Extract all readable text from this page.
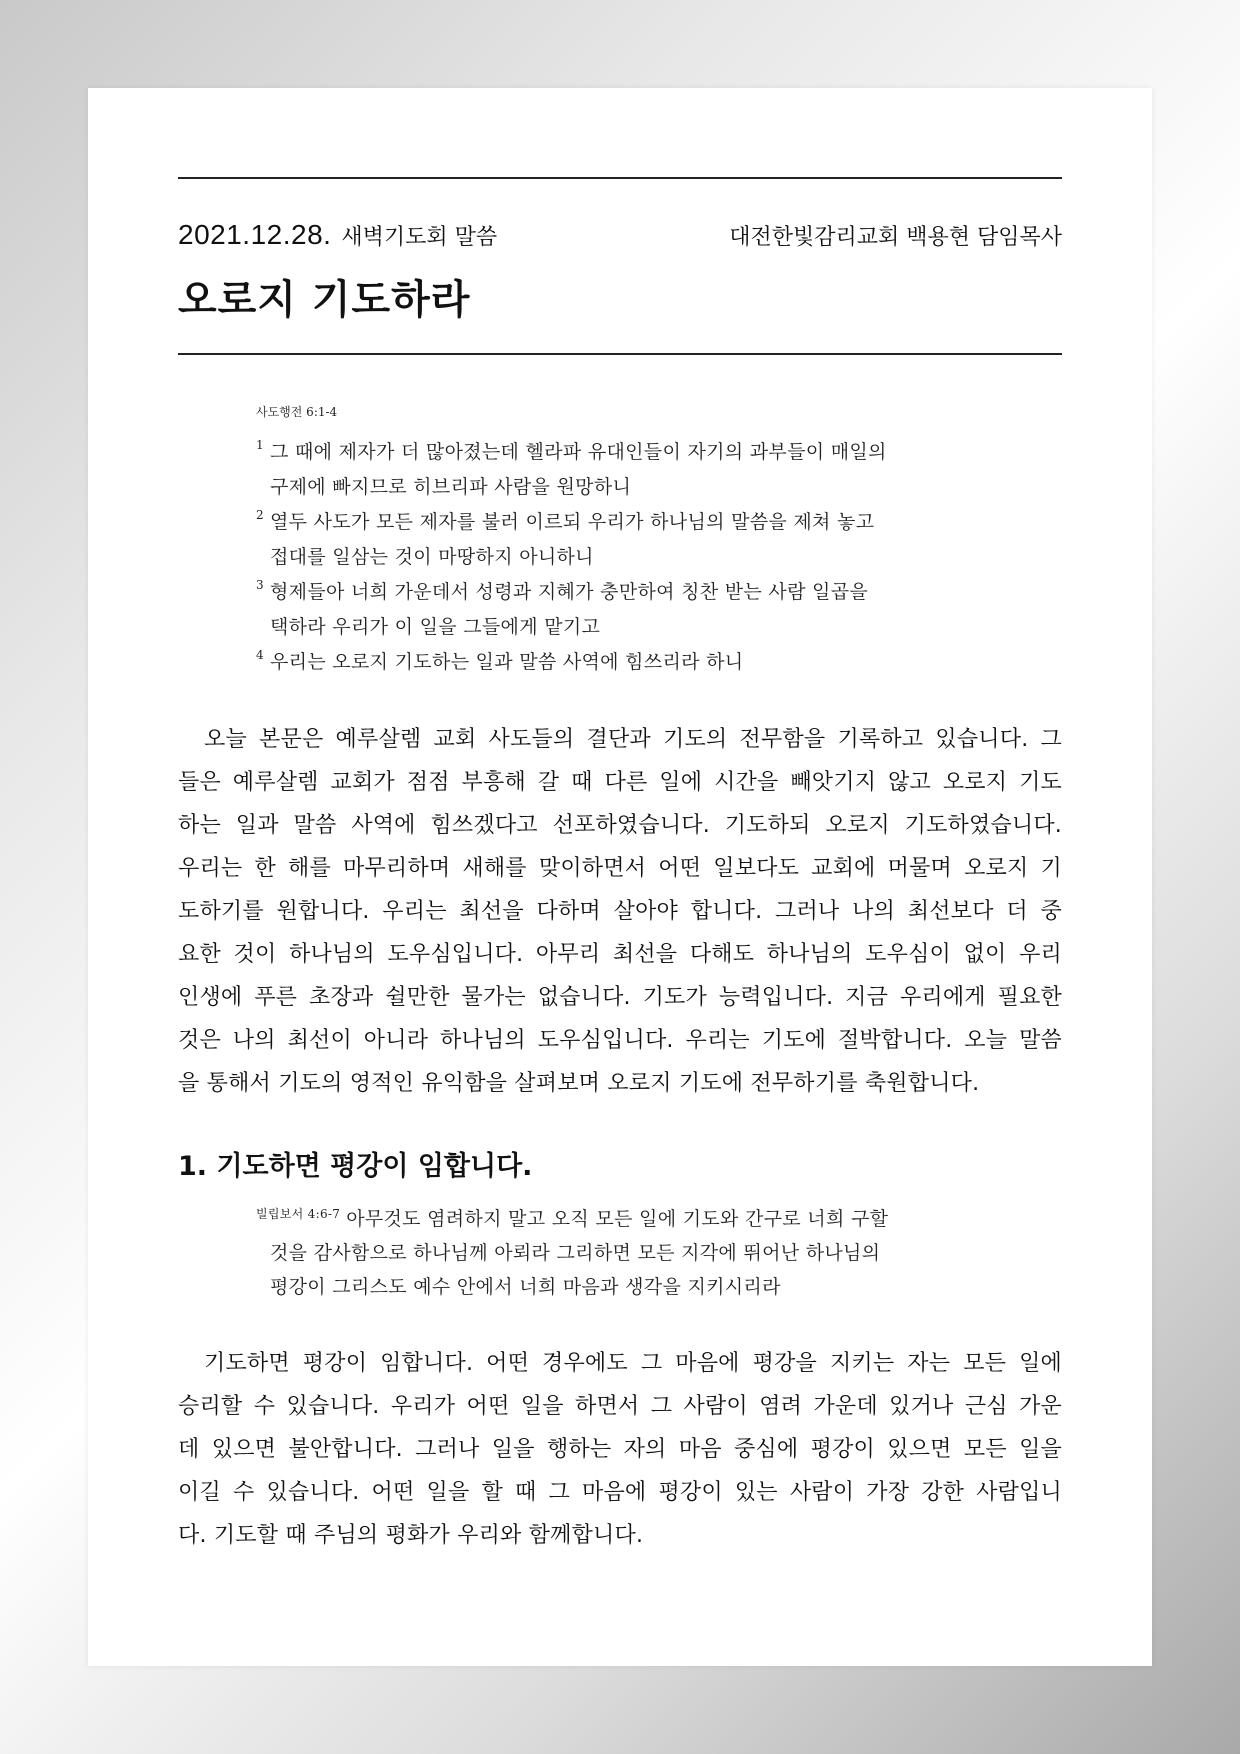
2021.12.28. 새벽기도회 말씀	대전한빛감리교회 백용현 담임목사
오로지 기도하라
사도행전 6:1-4
1 그 때에 제자가 더 많아졌는데 헬라파 유대인들이 자기의 과부들이 매일의
구제에 빠지므로 히브리파 사람을 원망하니
2 열두 사도가 모든 제자를 불러 이르되 우리가 하나님의 말씀을 제쳐 놓고
접대를 일삼는 것이 마땅하지 아니하니
3 형제들아 너희 가운데서 성령과 지혜가 충만하여 칭찬 받는 사람 일곱을
택하라 우리가 이 일을 그들에게 맡기고
4 우리는 오로지 기도하는 일과 말씀 사역에 힘쓰리라 하니
오늘 본문은 예루살렘 교회 사도들의 결단과 기도의 전무함을 기록하고 있습니다. 그
들은 예루살렘 교회가 점점 부흥해 갈 때 다른 일에 시간을 빼앗기지 않고 오로지 기도
하는 일과 말씀 사역에 힘쓰겠다고 선포하였습니다. 기도하되 오로지 기도하였습니다.
우리는 한 해를 마무리하며 새해를 맞이하면서 어떤 일보다도 교회에 머물며 오로지 기
도하기를 원합니다. 우리는 최선을 다하며 살아야 합니다. 그러나 나의 최선보다 더 중
요한 것이 하나님의 도우심입니다. 아무리 최선을 다해도 하나님의 도우심이 없이 우리
인생에 푸른 초장과 쉴만한 물가는 없습니다. 기도가 능력입니다. 지금 우리에게 필요한
것은 나의 최선이 아니라 하나님의 도우심입니다. 우리는 기도에 절박합니다. 오늘 말씀
을 통해서 기도의 영적인 유익함을 살펴보며 오로지 기도에 전무하기를 축원합니다.
1. 기도하면 평강이 임합니다.
$^{빌립보서 4:6-7}$ 아무것도 염려하지 말고 오직 모든 일에 기도와 간구로 너희 구할
것을 감사함으로 하나님께 아뢰라 그리하면 모든 지각에 뛰어난 하나님의
평강이 그리스도 예수 안에서 너희 마음과 생각을 지키시리라
기도하면 평강이 임합니다. 어떤 경우에도 그 마음에 평강을 지키는 자는 모든 일에
승리할 수 있습니다. 우리가 어떤 일을 하면서 그 사람이 염려 가운데 있거나 근심 가운
데 있으면 불안합니다. 그러나 일을 행하는 자의 마음 중심에 평강이 있으면 모든 일을
이길 수 있습니다. 어떤 일을 할 때 그 마음에 평강이 있는 사람이 가장 강한 사람입니
다. 기도할 때 주님의 평화가 우리와 함께합니다.
